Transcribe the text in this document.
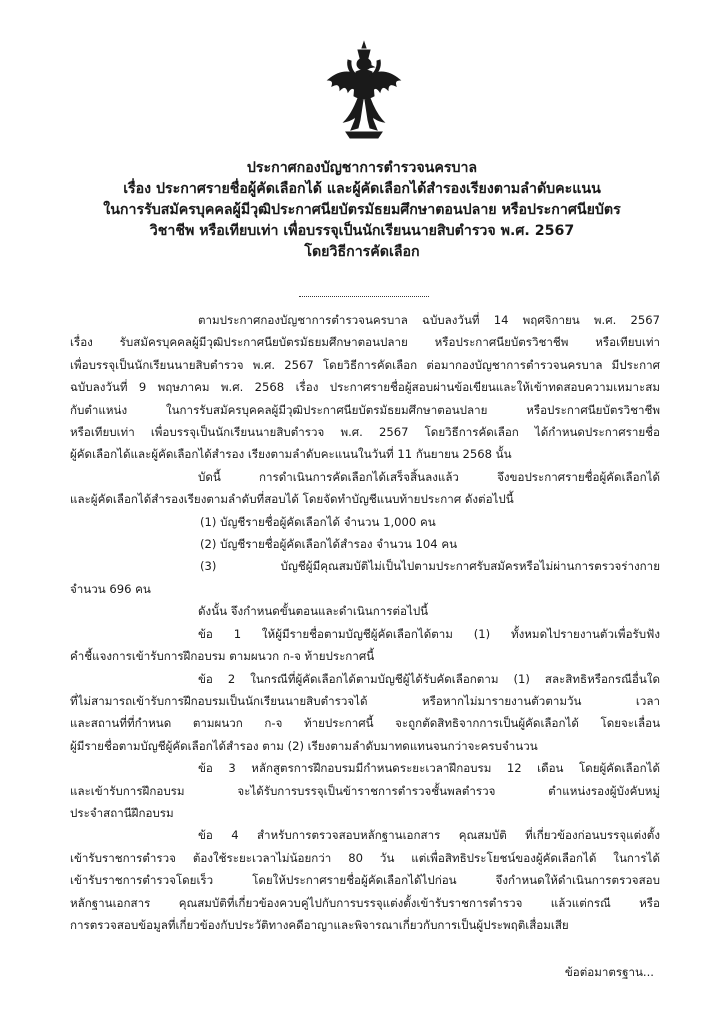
ประกาศกองบัญชาการตำรวจนครบาล
เรื่อง ประกาศรายชื่อผู้คัดเลือกได้ และผู้คัดเลือกได้สำรองเรียงตามลำดับคะแนน
ในการรับสมัครบุคคลผู้มีวุฒิประกาศนียบัตรมัธยมศึกษาตอนปลาย หรือประกาศนียบัตร
วิชาชีพ หรือเทียบเท่า เพื่อบรรจุเป็นนักเรียนนายสิบตำรวจ พ.ศ. 2567
โดยวิธีการคัดเลือก
ตามประกาศกองบัญชาการตำรวจนครบาล ฉบับลงวันที่ 14 พฤศจิกายน พ.ศ. 2567
เรื่อง รับสมัครบุคคลผู้มีวุฒิประกาศนียบัตรมัธยมศึกษาตอนปลาย หรือประกาศนียบัตรวิชาชีพ หรือเทียบเท่า
เพื่อบรรจุเป็นนักเรียนนายสิบตำรวจ พ.ศ. 2567 โดยวิธีการคัดเลือก ต่อมากองบัญชาการตำรวจนครบาล มีประกาศ
ฉบับลงวันที่ 9 พฤษภาคม พ.ศ. 2568 เรื่อง ประกาศรายชื่อผู้สอบผ่านข้อเขียนและให้เข้าทดสอบความเหมาะสม
กับตำแหน่ง ในการรับสมัครบุคคลผู้มีวุฒิประกาศนียบัตรมัธยมศึกษาตอนปลาย หรือประกาศนียบัตรวิชาชีพ
หรือเทียบเท่า เพื่อบรรจุเป็นนักเรียนนายสิบตำรวจ พ.ศ. 2567 โดยวิธีการคัดเลือก ได้กำหนดประกาศรายชื่อ
ผู้คัดเลือกได้และผู้คัดเลือกได้สำรอง เรียงตามลำดับคะแนนในวันที่ 11 กันยายน 2568 นั้น
บัดนี้ การดำเนินการคัดเลือกได้เสร็จสิ้นลงแล้ว จึงขอประกาศรายชื่อผู้คัดเลือกได้
และผู้คัดเลือกได้สำรองเรียงตามลำดับที่สอบได้ โดยจัดทำบัญชีแนบท้ายประกาศ ดังต่อไปนี้
(1) บัญชีรายชื่อผู้คัดเลือกได้ จำนวน 1,000 คน
(2) บัญชีรายชื่อผู้คัดเลือกได้สำรอง จำนวน 104 คน
(3) บัญชีผู้มีคุณสมบัติไม่เป็นไปตามประกาศรับสมัครหรือไม่ผ่านการตรวจร่างกาย
จำนวน 696 คน
ดังนั้น จึงกำหนดขั้นตอนและดำเนินการต่อไปนี้
ข้อ 1 ให้ผู้มีรายชื่อตามบัญชีผู้คัดเลือกได้ตาม (1) ทั้งหมดไปรายงานตัวเพื่อรับฟัง
คำชี้แจงการเข้ารับการฝึกอบรม ตามผนวก ก-จ ท้ายประกาศนี้
ข้อ 2 ในกรณีที่ผู้คัดเลือกได้ตามบัญชีผู้ได้รับคัดเลือกตาม (1) สละสิทธิหรือกรณีอื่นใด
ที่ไม่สามารถเข้ารับการฝึกอบรมเป็นนักเรียนนายสิบตำรวจได้ หรือหากไม่มารายงานตัวตามวัน เวลา
และสถานที่ที่กำหนด ตามผนวก ก-จ ท้ายประกาศนี้ จะถูกตัดสิทธิจากการเป็นผู้คัดเลือกได้ โดยจะเลื่อน
ผู้มีรายชื่อตามบัญชีผู้คัดเลือกได้สำรอง ตาม (2) เรียงตามลำดับมาทดแทนจนกว่าจะครบจำนวน
ข้อ 3 หลักสูตรการฝึกอบรมมีกำหนดระยะเวลาฝึกอบรม 12 เดือน โดยผู้คัดเลือกได้
และเข้ารับการฝึกอบรม จะได้รับการบรรจุเป็นข้าราชการตำรวจชั้นพลตำรวจ ตำแหน่งรองผู้บังคับหมู่
ประจำสถานีฝึกอบรม
ข้อ 4 สำหรับการตรวจสอบหลักฐานเอกสาร คุณสมบัติ ที่เกี่ยวข้องก่อนบรรจุแต่งตั้ง
เข้ารับราชการตำรวจ ต้องใช้ระยะเวลาไม่น้อยกว่า 80 วัน แต่เพื่อสิทธิประโยชน์ของผู้คัดเลือกได้ ในการได้
เข้ารับราชการตำรวจโดยเร็ว โดยให้ประกาศรายชื่อผู้คัดเลือกได้ไปก่อน จึงกำหนดให้ดำเนินการตรวจสอบ
หลักฐานเอกสาร คุณสมบัติที่เกี่ยวข้องควบคู่ไปกับการบรรจุแต่งตั้งเข้ารับราชการตำรวจ แล้วแต่กรณี หรือ
การตรวจสอบข้อมูลที่เกี่ยวข้องกับประวัติทางคดีอาญาและพิจารณาเกี่ยวกับการเป็นผู้ประพฤติเสื่อมเสีย
ข้อต่อมาตรฐาน...
